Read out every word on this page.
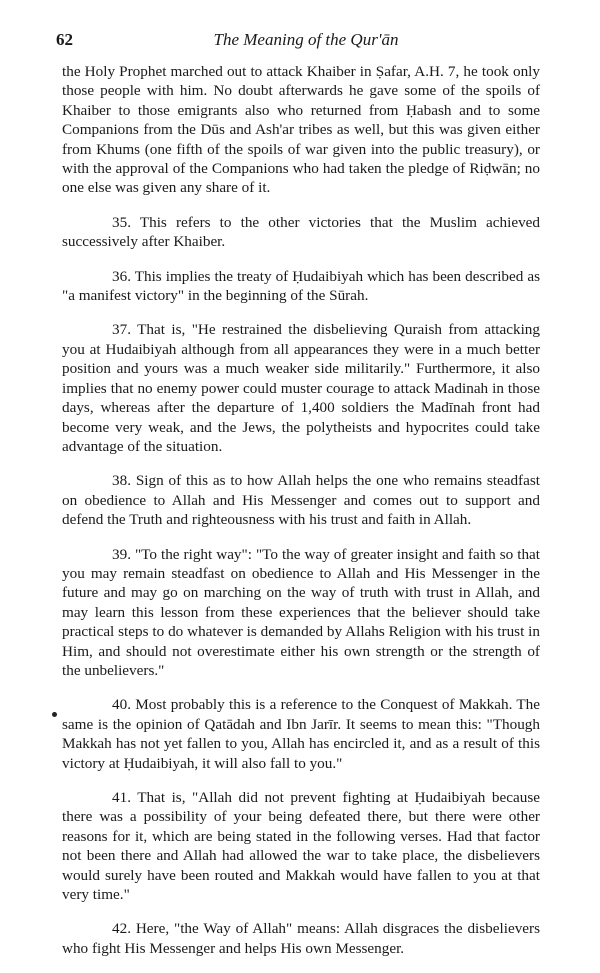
62	The Meaning of the Qur'ān

the Holy Prophet marched out to attack Khaiber in Ṣafar, A.H. 7, he took only those people with him. No doubt afterwards he gave some of the spoils of Khaiber to those emigrants also who returned from Ḥabash and to some Companions from the Dūs and Ash'ar tribes as well, but this was given either from Khums (one fifth of the spoils of war given into the public treasury), or with the approval of the Companions who had taken the pledge of Riḍwān; no one else was given any share of it.

35. This refers to the other victories that the Muslim achieved successively after Khaiber.

36. This implies the treaty of Ḥudaibiyah which has been described as "a manifest victory" in the beginning of the Sūrah.

37. That is, "He restrained the disbelieving Quraish from attacking you at Hudaibiyah although from all appearances they were in a much better position and yours was a much weaker side militarily." Furthermore, it also implies that no enemy power could muster courage to attack Madinah in those days, whereas after the departure of 1,400 soldiers the Madīnah front had become very weak, and the Jews, the polytheists and hypocrites could take advantage of the situation.

38. Sign of this as to how Allah helps the one who remains steadfast on obedience to Allah and His Messenger and comes out to support and defend the Truth and righteousness with his trust and faith in Allah.

39. "To the right way": "To the way of greater insight and faith so that you may remain steadfast on obedience to Allah and His Messenger in the future and may go on marching on the way of truth with trust in Allah, and may learn this lesson from these experiences that the believer should take practical steps to do whatever is demanded by Allahs Religion with his trust in Him, and should not overestimate either his own strength or the strength of the unbelievers."

40. Most probably this is a reference to the Conquest of Makkah. The same is the opinion of Qatādah and Ibn Jarīr. It seems to mean this: "Though Makkah has not yet fallen to you, Allah has encircled it, and as a result of this victory at Ḥudaibiyah, it will also fall to you."

41. That is, "Allah did not prevent fighting at Ḥudaibiyah because there was a possibility of your being defeated there, but there were other reasons for it, which are being stated in the following verses. Had that factor not been there and Allah had allowed the war to take place, the disbelievers would surely have been routed and Makkah would have fallen to you at that very time."

42. Here, "the Way of Allah" means: Allah disgraces the disbelievers who fight His Messenger and helps His own Messenger.
